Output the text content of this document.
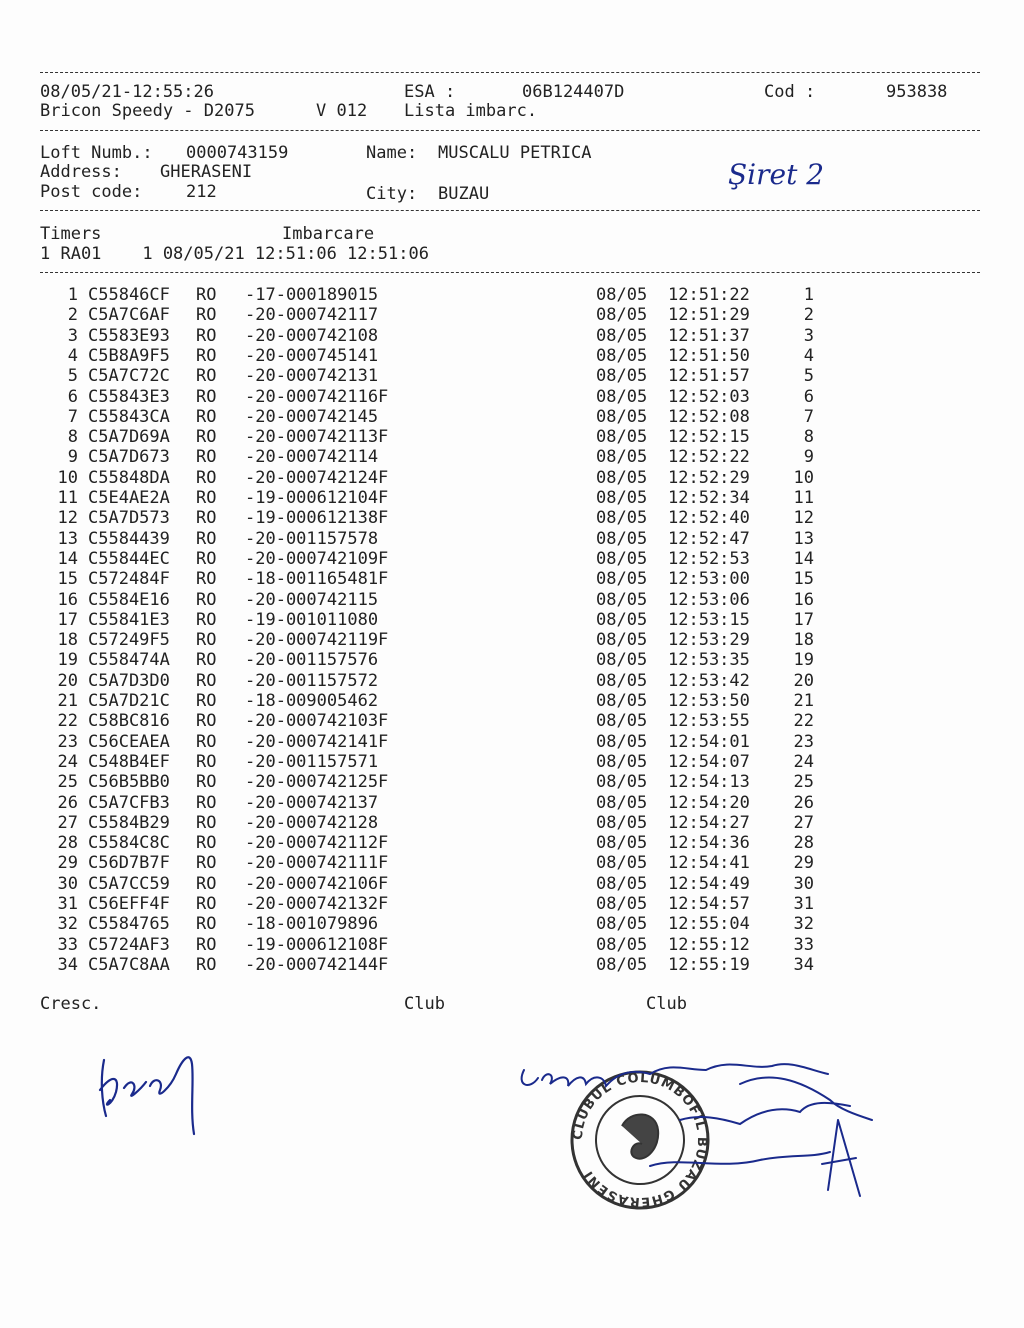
08/05/21-12:55:26	ESA :	06B124407D	Cod :	953838
Bricon Speedy - D2075	V 012 Lista imbarc.
Loft Numb.: 0000743159	Name: MUSCALU PETRICA
Address: GHERASENI
Post code:	212	City: BUZAU
Şiret 2
Timers	Imbarcare
1 RA01    1 08/05/21 12:51:06 12:51:06
1 C55846CF RO -17-000189015	08/05 12:51:22	1
2 C5A7C6AF RO -20-000742117	08/05 12:51:29	2
3 C5583E93 RO -20-000742108	08/05 12:51:37	3
4 C5B8A9F5 RO -20-000745141	08/05 12:51:50	4
5 C5A7C72C RO -20-000742131	08/05 12:51:57	5
6 C55843E3 RO -20-000742116F	08/05 12:52:03	6
7 C55843CA RO -20-000742145	08/05 12:52:08	7
8 C5A7D69A RO -20-000742113F	08/05 12:52:15	8
9 C5A7D673 RO -20-000742114	08/05 12:52:22	9
10 C55848DA RO -20-000742124F	08/05 12:52:29	10
11 C5E4AE2A RO -19-000612104F	08/05 12:52:34	11
12 C5A7D573 RO -19-000612138F	08/05 12:52:40	12
13 C5584439 RO -20-001157578	08/05 12:52:47	13
14 C55844EC RO -20-000742109F	08/05 12:52:53	14
15 C572484F RO -18-001165481F	08/05 12:53:00	15
16 C5584E16 RO -20-000742115	08/05 12:53:06	16
17 C55841E3 RO -19-001011080	08/05 12:53:15	17
18 C57249F5 RO -20-000742119F	08/05 12:53:29	18
19 C558474A RO -20-001157576	08/05 12:53:35	19
20 C5A7D3D0 RO -20-001157572	08/05 12:53:42	20
21 C5A7D21C RO -18-009005462	08/05 12:53:50	21
22 C58BC816 RO -20-000742103F	08/05 12:53:55	22
23 C56CEAEA RO -20-000742141F	08/05 12:54:01	23
24 C548B4EF RO -20-001157571	08/05 12:54:07	24
25 C56B5BB0 RO -20-000742125F	08/05 12:54:13	25
26 C5A7CFB3 RO -20-000742137	08/05 12:54:20	26
27 C5584B29 RO -20-000742128	08/05 12:54:27	27
28 C5584C8C RO -20-000742112F	08/05 12:54:36	28
29 C56D7B7F RO -20-000742111F	08/05 12:54:41	29
30 C5A7CC59 RO -20-000742106F	08/05 12:54:49	30
31 C56EFF4F RO -20-000742132F	08/05 12:54:57	31
32 C5584765 RO -18-001079896	08/05 12:55:04	32
33 C5724AF3 RO -19-000612108F	08/05 12:55:12	33
34 C5A7C8AA RO -20-000742144F	08/05 12:55:19	34
Cresc.	Club	Club
CLUBUL COLUMBOFIL BUZAU GHERASENI
